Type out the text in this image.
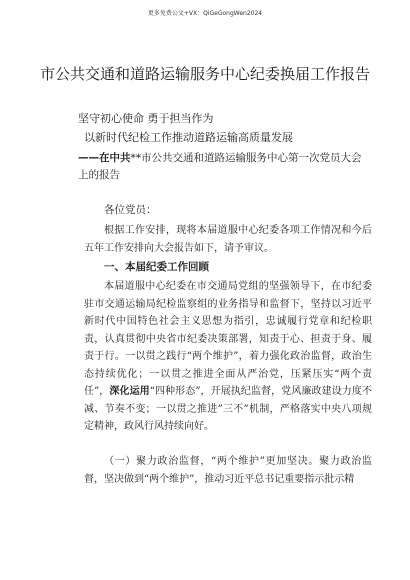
更多免费公文+VX：QiGeGongWen2024
市公共交通和道路运输服务中心纪委换届工作报告
坚守初心使命 勇于担当作为
以新时代纪检工作推动道路运输高质量发展
——在中共**市公共交通和道路运输服务中心第一次党员大会上的报告
各位党员：
根据工作安排，现将本届道服中心纪委各项工作情况和今后五年工作安排向大会报告如下，请予审议。
一、本届纪委工作回顾
本届道服中心纪委在市交通局党组的坚强领导下，在市纪委驻市交通运输局纪检监察组的业务指导和监督下，坚持以习近平新时代中国特色社会主义思想为指引，忠诚履行党章和纪检职责，认真贯彻中央省市纪委决策部署，知责于心、担责于身、履责于行。一以贯之践行“两个维护”，着力强化政治监督，政治生态持续优化；一以贯之推进全面从严治党，压紧压实“两个责任”，深化运用“四种形态”，开展执纪监督，党风廉政建设力度不减、节奏不变；一以贯之推进”三不”机制，严格落实中央八项规定精神，政风行风持续向好。
（一）聚力政治监督，“两个维护”更加坚决。聚力政治监督，坚决做到“两个维护”，推动习近平总书记重要指示批示精
